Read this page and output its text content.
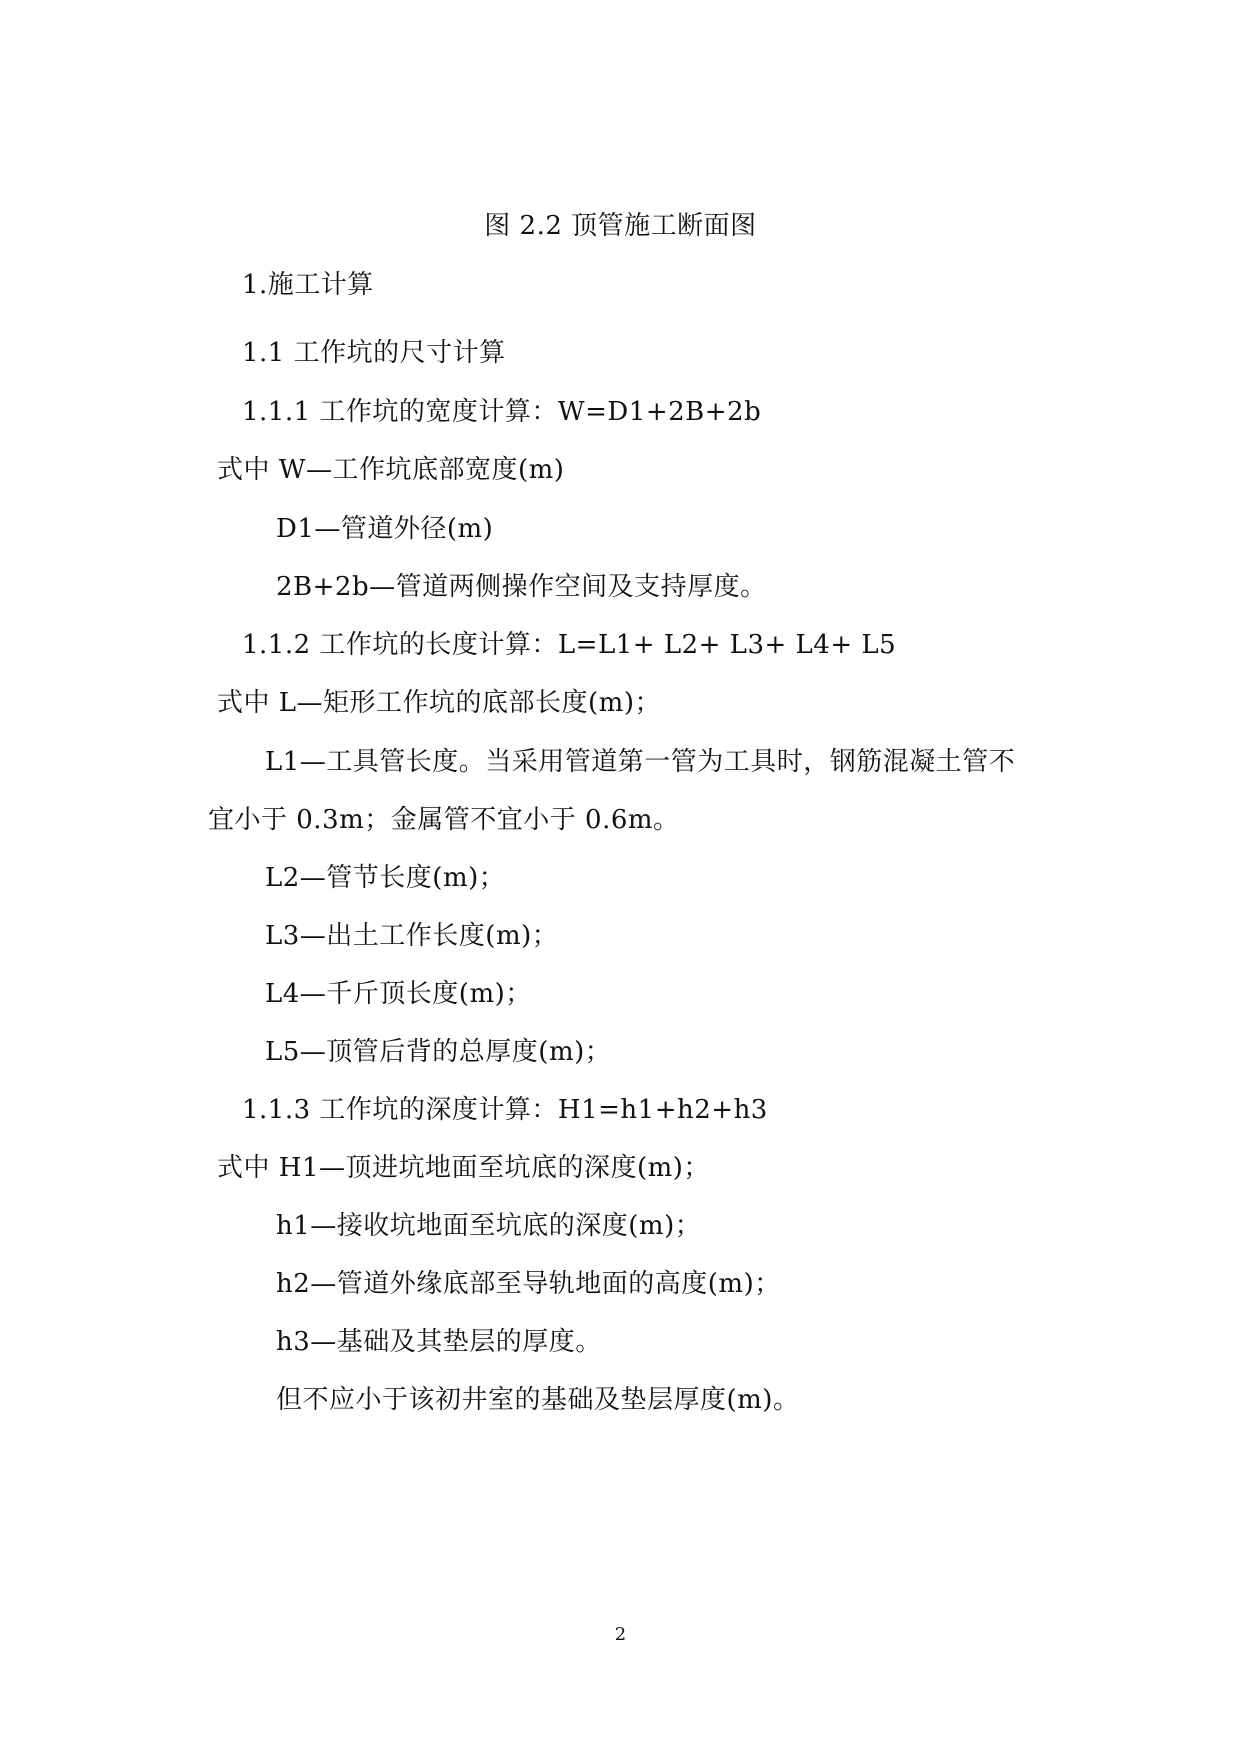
图 2.2 顶管施工断面图
1.施工计算
1.1 工作坑的尺寸计算
1.1.1 工作坑的宽度计算：W=D1+2B+2b
式中 W—工作坑底部宽度(m)
D1—管道外径(m)
2B+2b—管道两侧操作空间及支持厚度。
1.1.2 工作坑的长度计算：L=L1+ L2+ L3+ L4+ L5
式中 L—矩形工作坑的底部长度(m)；
L1—工具管长度。当采用管道第一管为工具时，钢筋混凝土管不
宜小于 0.3m；金属管不宜小于 0.6m。
L2—管节长度(m)；
L3—出土工作长度(m)；
L4—千斤顶长度(m)；
L5—顶管后背的总厚度(m)；
1.1.3 工作坑的深度计算：H1=h1+h2+h3
式中 H1—顶进坑地面至坑底的深度(m)；
h1—接收坑地面至坑底的深度(m)；
h2—管道外缘底部至导轨地面的高度(m)；
h3—基础及其垫层的厚度。
但不应小于该初井室的基础及垫层厚度(m)。
2
